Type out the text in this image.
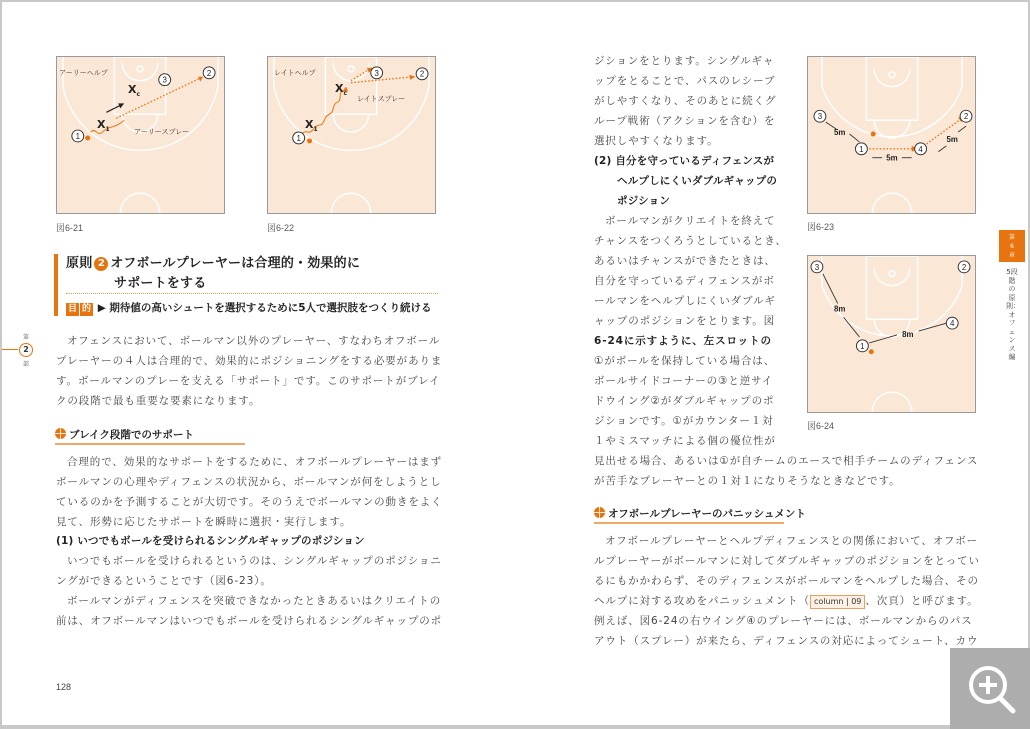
1
2
3
アーリーヘルプ
アーリースプレー
$X_1$
$X_c$
図6-21
1
2
3
レイトヘルプ
レイトスプレー
$X_1$
$X_c$
図6-22
原則 2 オフボールプレーヤーは合理的・効果的に
サポートをする
目 的 ▶ 期待値の高いシュートを選択するために5人で選択肢をつくり続ける
オフェンスにおいて、ボールマン以外のプレーヤー、すなわちオフボール
プレーヤーの４人は合理的で、効果的にポジショニングをする必要がありま
す。ボールマンのプレーを支える「サポート」です。このサポートがブレイ
クの段階で最も重要な要素になります。
ブレイク段階でのサポート
合理的で、効果的なサポートをするために、オフボールプレーヤーはまず
ボールマンの心理やディフェンスの状況から、ボールマンが何をしようとし
ているのかを予測することが大切です。そのうえでボールマンの動きをよく
見て、形勢に応じたサポートを瞬時に選択・実行します。
(1) いつでもボールを受けられるシングルギャップのポジション
いつでもボールを受けられるというのは、シングルギャップのポジショニ
ングができるということです（図6-23）。
ボールマンがディフェンスを突破できなかったときあるいはクリエイトの
前は、オフボールマンはいつでもボールを受けられるシングルギャップのポ
128
第
2
部
ジションをとります。シングルギャ
ップをとることで、パスのレシーブ
がしやすくなり、そのあとに続くグ
ループ戦術（アクションを含む）を
選択しやすくなります。
(2) 自分を守っているディフェンスが
ヘルプしにくいダブルギャップの
ポジション
ボールマンがクリエイトを終えて
チャンスをつくろうとしているとき、
あるいはチャンスができたときは、
自分を守っているディフェンスがボ
ールマンをヘルプしにくいダブルギ
ャップのポジションをとります。図
6-24に示すように、左スロットの
①がボールを保持している場合は、
ボールサイドコーナーの③と逆サイ
ドウイング②がダブルギャップのポ
ジションです。①がカウンター１対
１やミスマッチによる個の優位性が
見出せる場合、あるいは①が自チームのエースで相手チームのディフェンス
が苦手なプレーヤーとの１対１になりそうなときなどです。
オフボールプレーヤーのパニッシュメント
オフボールプレーヤーとヘルプディフェンスとの関係において、オフボー
ルプレーヤーがボールマンに対してダブルギャップのポジションをとってい
るにもかかわらず、そのディフェンスがボールマンをヘルプした場合、その
ヘルプに対する攻めをパニッシュメント（ column | 09 、次頁）と呼びます。
例えば、図6-24の右ウイング④のプレーヤーには、ボールマンからのパス
アウト（スプレー）が来たら、ディフェンスの対応によってシュート、カウ
1
2
3
4
5m
5m
5m
図6-23
1
2
3
4
8m
8m
図6-24
第
6
章
5段階の原則：オフェンス編
